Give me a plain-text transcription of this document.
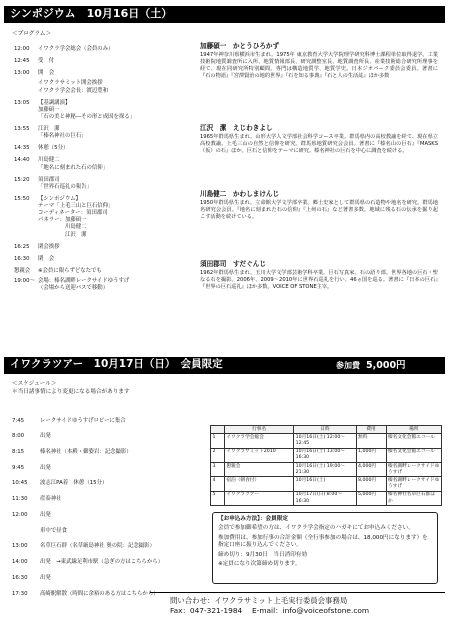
シンポジウム　10月16日（土）
＜プログラム＞
12:00	イワクラ学会総会（会員のみ）
12:45	受　付
13:00	開　会
イワクラサミット開会挨拶
イワクラ学会会長：渡辺豊和
13:05	【基調講演】
加藤碩一
「石の美と神秘―その形と成因を探る」
13:55	江沢　潔
「榛名神社の巨石」
14:35	休憩（5分）
14:40	川島健二
「地名に刻まれた石の信仰」
15:20	須田郡司
「世界石巡礼の報告」
15:50	【シンポジウム】
テーマ「上毛三山と巨石信仰」
コーディネーター：須田郡司
パネラー：加藤碩一
　　　　　川島健二
　　　　　江沢　潔
16:25	閉会挨拶
16:30	閉　会
懇親会	※会員に限らずどなたでも
19:00～ 会場：榛名湖畔レークサイドゆうすげ
（会場から送迎バスで移動）
加藤碩一　かとうひろかず
1947年神奈川県横浜市生まれ。1975年 東京教育大学大学院理学研究科博士課程単位取得退学。工業技術院地質調査所に入所、地質情報部長、研究調整室長、地質調査所長、産業技術総合研究所理事を経て、現在同研究所特別顧問。専門は構造地質学、地質学史。日本ジオパーク委員会委員。著書に『石の物語』『宮澤賢治の地的世界』『石を知る事典』『石と人の生活誌』ほか多数
江沢　潔　えじわきよし
1965年群馬県生まれ。山形大学人文学部社会科学コース卒業。群馬県内の高校教諭を経て、現在県立高校教諭。上毛三山の自然と信仰を研究。群馬県地質研究会会員。著書に『榛名山の巨石』『MASKS（仮）の石』ほか。巨石と信仰をテーマに研究。榛名神社の巨石を中心に調査を続ける。
川島健二　かわしまけんじ
1950年群馬県生まれ。立命館大学文学部卒業。郷土史家として群馬県の石造物や地名を研究。群馬地名研究会会員。『地名に刻まれた石の信仰』『上州の石』など著書多数。地域に残る石の伝承を掘り起こす活動を続けている。
須田郡司　すだぐんじ
1962年群馬県生まれ。玉川大学文学部芸術学科卒業。巨石写真家、石の語り部。世界各地の巨石・聖なる石を撮影。2006年、2009～2010年に世界石巡礼を行い、46ヵ国を巡る。著書に『日本の巨石』『世界の巨石巡礼』ほか多数。VOICE OF STONE主宰。
イワクラツアー　10月17日（日）　会員限定	参加費 5,000円
＜スケジュール＞
＊当日諸事情により変更になる場合があります
7:45	レークサイドゆうすげロビーに集合
8:00	出発
8:15	榛名神社（本殿・御姿岩：記念撮影）
9:45	出発
10:45	波志江PA着　休憩（15分）
11:30	産泰神社
12:00	出発
車中で昼食
13:00	名草巨石群（名草厳島神社 奥の院：記念撮影）
14:00	出発　→東武線足利市駅（急ぎの方はこちらから）
16:30	出発
17:30	高崎駅解散（時間に余裕のある方はこちらから）
	行事名	日時	費用	場所
1	イワクラ学会総会	10月16日(土) 12:00～12:45	無料	榛名文化会館エコール
2	イワクラサミット2010	10月16日(土) 13:00～16:30	1,000円	榛名文化会館エコール
3	懇親会	10月16日(土) 19:00～21:30	4,000円	榛名湖畔レークサイドゆうすげ
4	宿泊（朝食付）	10月16日(土)	8,000円	榛名湖畔レークサイドゆうすげ
5	イワクラツアー	10月17日(日) 8:00～16:30	5,000円	榛名神社名草巨石群ほか
【お申込み方法】：会員限定

会員で参加御希望の方は、イワクラ学会指定のハガキにてお申込みください。

参加費用は、参加行事の合計金額（全行事参加の場合は、18,000円になります）を指定口座に振り込んでください。

締め切り：9月30日　当日消印有効

※定員になり次第締め切ります。

問い合わせ：イワクラサミット上毛実行委員会事務局
Fax：047-321-1984　 E-mail：info@voiceofstone.com
